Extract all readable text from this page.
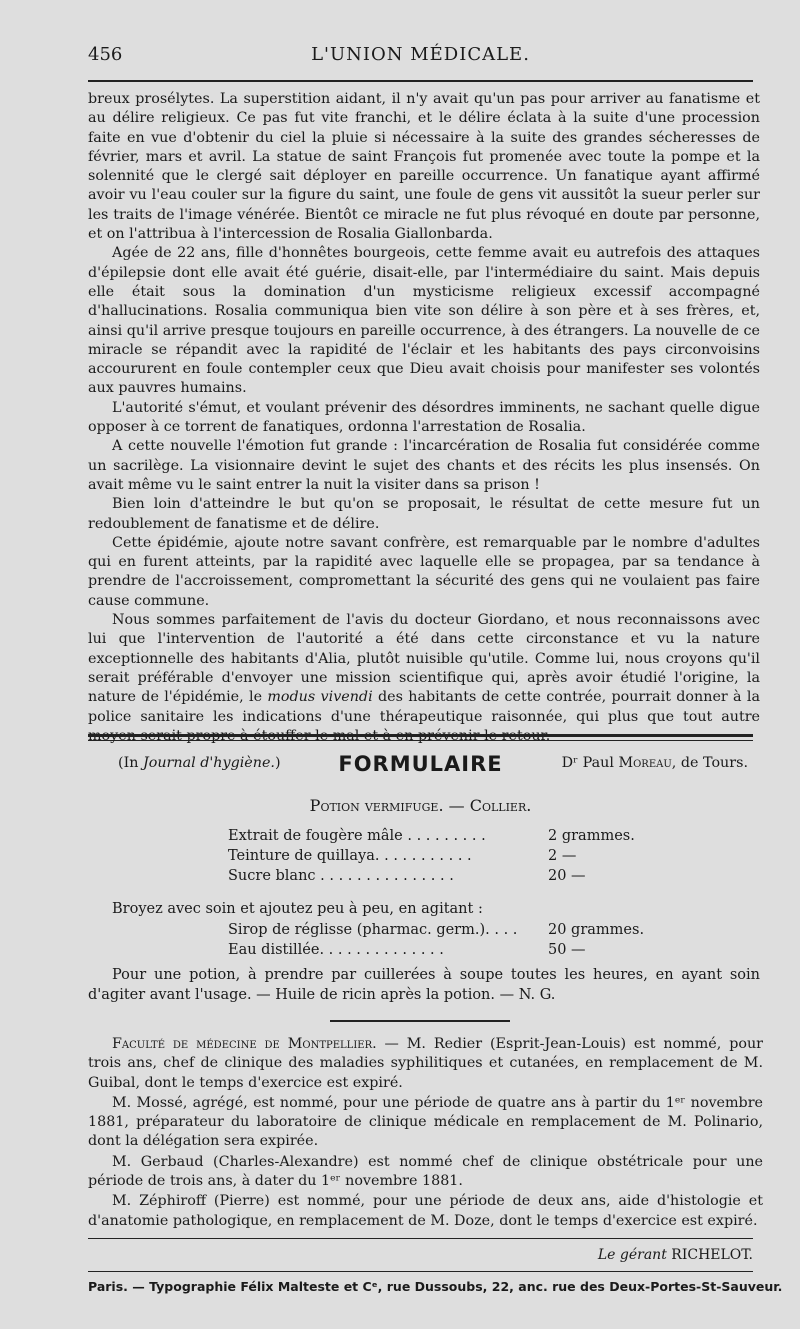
456	L'UNION MÉDICALE.

breux prosélytes. La superstition aidant, il n'y avait qu'un pas pour arriver au fanatisme et au délire religieux. Ce pas fut vite franchi, et le délire éclata à la suite d'une procession faite en vue d'obtenir du ciel la pluie si nécessaire à la suite des grandes sécheresses de février, mars et avril. La statue de saint François fut promenée avec toute la pompe et la solennité que le clergé sait déployer en pareille occurrence. Un fanatique ayant affirmé avoir vu l'eau couler sur la figure du saint, une foule de gens vit aussitôt la sueur perler sur les traits de l'image vénérée. Bientôt ce miracle ne fut plus révoqué en doute par personne, et on l'attribua à l'intercession de Rosalia Giallonbarda.

Agée de 22 ans, fille d'honnêtes bourgeois, cette femme avait eu autrefois des attaques d'épilepsie dont elle avait été guérie, disait-elle, par l'intermédiaire du saint. Mais depuis elle était sous la domination d'un mysticisme religieux excessif accompagné d'hallucinations. Rosalia communiqua bien vite son délire à son père et à ses frères, et, ainsi qu'il arrive presque toujours en pareille occurrence, à des étrangers. La nouvelle de ce miracle se répandit avec la rapidité de l'éclair et les habitants des pays circonvoisins accoururent en foule contempler ceux que Dieu avait choisis pour manifester ses volontés aux pauvres humains.

L'autorité s'émut, et voulant prévenir des désordres imminents, ne sachant quelle digue opposer à ce torrent de fanatiques, ordonna l'arrestation de Rosalia.

A cette nouvelle l'émotion fut grande : l'incarcération de Rosalia fut considérée comme un sacrilège. La visionnaire devint le sujet des chants et des récits les plus insensés. On avait même vu le saint entrer la nuit la visiter dans sa prison !

Bien loin d'atteindre le but qu'on se proposait, le résultat de cette mesure fut un redoublement de fanatisme et de délire.

Cette épidémie, ajoute notre savant confrère, est remarquable par le nombre d'adultes qui en furent atteints, par la rapidité avec laquelle elle se propagea, par sa tendance à prendre de l'accroissement, compromettant la sécurité des gens qui ne voulaient pas faire cause commune.

Nous sommes parfaitement de l'avis du docteur Giordano, et nous reconnaissons avec lui que l'intervention de l'autorité a été dans cette circonstance et vu la nature exceptionnelle des habitants d'Alia, plutôt nuisible qu'utile. Comme lui, nous croyons qu'il serait préférable d'envoyer une mission scientifique qui, après avoir étudié l'origine, la nature de l'épidémie, le modus vivendi des habitants de cette contrée, pourrait donner à la police sanitaire les indications d'une thérapeutique raisonnée, qui plus que tout autre

(In Journal d'hygiène.)	Dʳ Paul Moreau, de Tours.
FORMULAIRE
Potion vermifuge. — Collier.
Extrait de fougère mâle . . . . . . . . .	2 grammes.
Teinture de quillaya. . . . . . . . . . .	2 —
Sucre blanc . . . . . . . . . . . . . . .	20 —

Broyez avec soin et ajoutez peu à peu, en agitant :

Sirop de réglisse (pharmac. germ.). . . . 20 grammes.
Eau distillée. . . . . . . . . . . . . .	50 —

Pour une potion, à prendre par cuillerées à soupe toutes les heures, en ayant soin d'agiter avant l'usage. — Huile de ricin après la potion. — N. G.

Faculté de médecine de Montpellier. — M. Redier (Esprit-Jean-Louis) est nommé, pour trois ans, chef de clinique des maladies syphilitiques et cutanées, en remplacement de M. Guibal, dont le temps d'exercice est expiré.

M. Mossé, agrégé, est nommé, pour une période de quatre ans à partir du 1ᵉʳ novembre 1881, préparateur du laboratoire de clinique médicale en remplacement de M. Polinario, dont la délégation sera expirée.

M. Gerbaud (Charles-Alexandre) est nommé chef de clinique obstétricale pour une période de trois ans, à dater du 1ᵉʳ novembre 1881.

M. Zéphiroff (Pierre) est nommé, pour une période de deux ans, aide d'histologie et d'anatomie pathologique, en remplacement de M. Doze, dont le temps d'exercice est expiré.

Le gérant RICHELOT.
Paris. — Typographie Félix Malteste et Cᵉ, rue Dussoubs, 22, anc. rue des Deux-Portes-St-Sauveur.
